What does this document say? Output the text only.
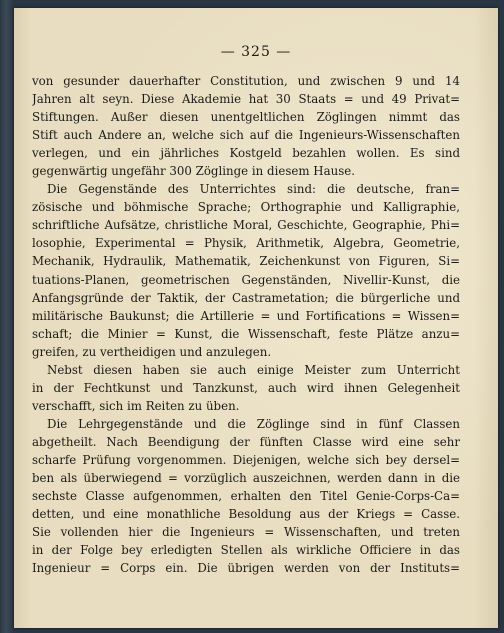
— 325 —
von gesunder dauerhafter Constitution, und zwischen 9 und 14
Jahren alt seyn. Diese Akademie hat 30 Staats = und 49 Privat=
Stiftungen. Außer diesen unentgeltlichen Zöglingen nimmt das
Stift auch Andere an, welche sich auf die Ingenieurs-Wissenschaften
verlegen, und ein jährliches Kostgeld bezahlen wollen. Es sind
gegenwärtig ungefähr 300 Zöglinge in diesem Hause.
Die Gegenstände des Unterrichtes sind: die deutsche, fran=
zösische und böhmische Sprache; Orthographie und Kalligraphie,
schriftliche Aufsätze, christliche Moral, Geschichte, Geographie, Phi=
losophie, Experimental = Physik, Arithmetik, Algebra, Geometrie,
Mechanik, Hydraulik, Mathematik, Zeichenkunst von Figuren, Si=
tuations-Planen, geometrischen Gegenständen, Nivellir-Kunst, die
Anfangsgründe der Taktik, der Castrametation; die bürgerliche und
militärische Baukunst; die Artillerie = und Fortifications = Wissen=
schaft; die Minier = Kunst, die Wissenschaft, feste Plätze anzu=
greifen, zu vertheidigen und anzulegen.
Nebst diesen haben sie auch einige Meister zum Unterricht
in der Fechtkunst und Tanzkunst, auch wird ihnen Gelegenheit
verschafft, sich im Reiten zu üben.
Die Lehrgegenstände und die Zöglinge sind in fünf Classen
abgetheilt. Nach Beendigung der fünften Classe wird eine sehr
scharfe Prüfung vorgenommen. Diejenigen, welche sich bey dersel=
ben als überwiegend = vorzüglich auszeichnen, werden dann in die
sechste Classe aufgenommen, erhalten den Titel Genie-Corps-Ca=
detten, und eine monathliche Besoldung aus der Kriegs = Casse.
Sie vollenden hier die Ingenieurs = Wissenschaften, und treten
in der Folge bey erledigten Stellen als wirkliche Officiere in das
Ingenieur = Corps ein. Die übrigen werden von der Instituts=
